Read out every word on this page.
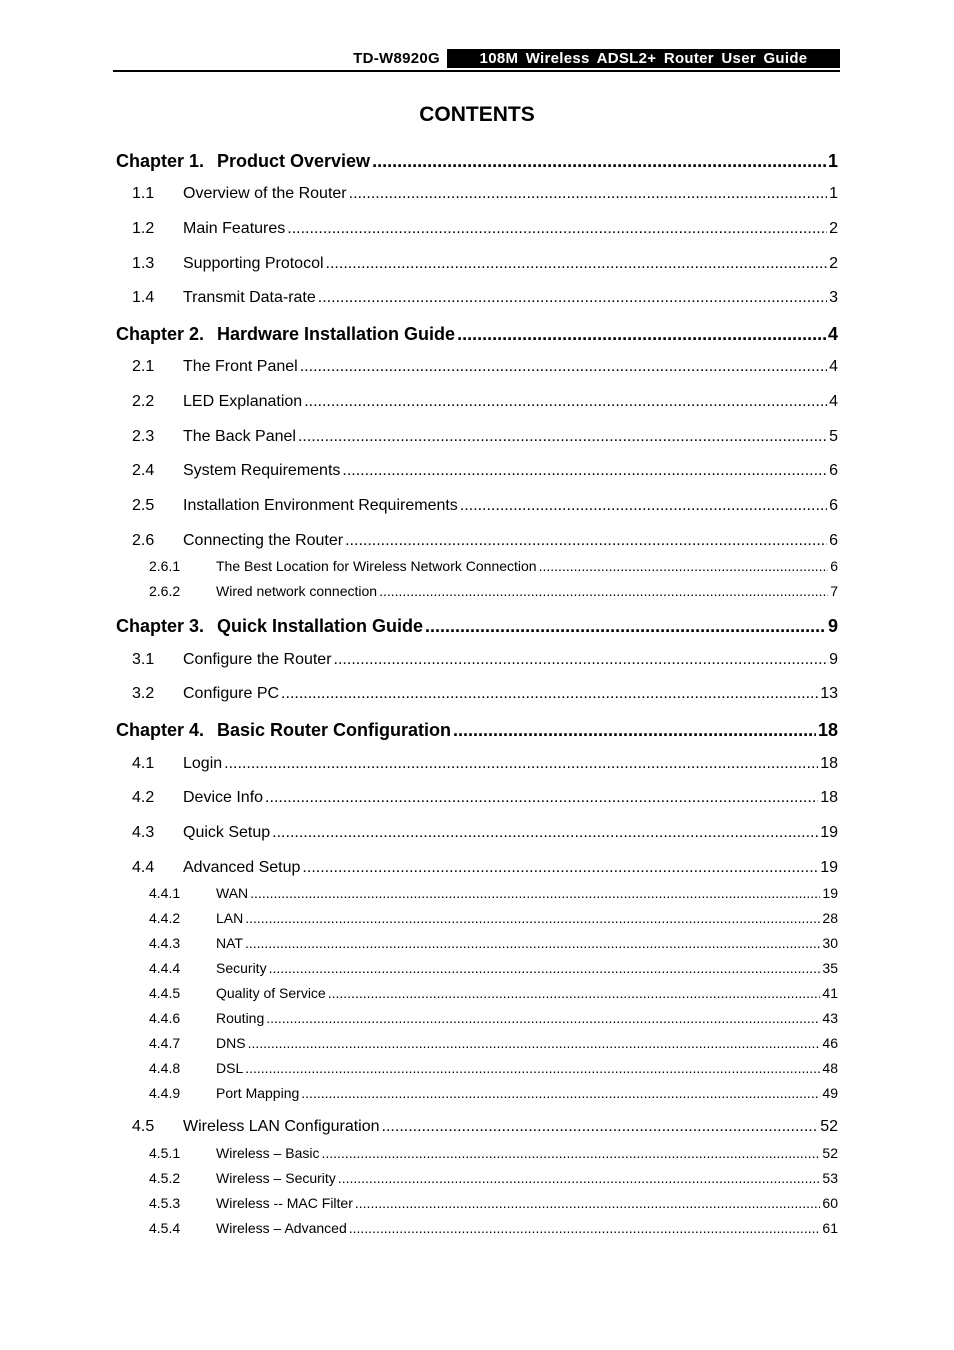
TD-W8920G	108M Wireless ADSL2+ Router User Guide
CONTENTS
Chapter 1. Product Overview .....	1
1.1	Overview of the Router .....	1
1.2	Main Features .....	2
1.3	Supporting Protocol .....	2
1.4	Transmit Data-rate .....	3
Chapter 2. Hardware Installation Guide .....	4
2.1	The Front Panel .....	4
2.2	LED Explanation .....	4
2.3	The Back Panel .....	5
2.4	System Requirements .....	6
2.5	Installation Environment Requirements .....	6
2.6	Connecting the Router .....	6
2.6.1	The Best Location for Wireless Network Connection .....	6
2.6.2	Wired network connection .....	7
Chapter 3. Quick Installation Guide .....	9
3.1	Configure the Router .....	9
3.2	Configure PC .....	13
Chapter 4. Basic Router Configuration .....	18
4.1	Login .....	18
4.2	Device Info .....	18
4.3	Quick Setup .....	19
4.4	Advanced Setup .....	19
4.4.1	WAN .....	19
4.4.2	LAN .....	28
4.4.3	NAT .....	30
4.4.4	Security .....	35
4.4.5	Quality of Service .....	41
4.4.6	Routing .....	43
4.4.7	DNS .....	46
4.4.8	DSL .....	48
4.4.9	Port Mapping .....	49
4.5	Wireless LAN Configuration .....	52
4.5.1	Wireless – Basic .....	52
4.5.2	Wireless – Security .....	53
4.5.3	Wireless -- MAC Filter .....	60
4.5.4	Wireless – Advanced .....	61
